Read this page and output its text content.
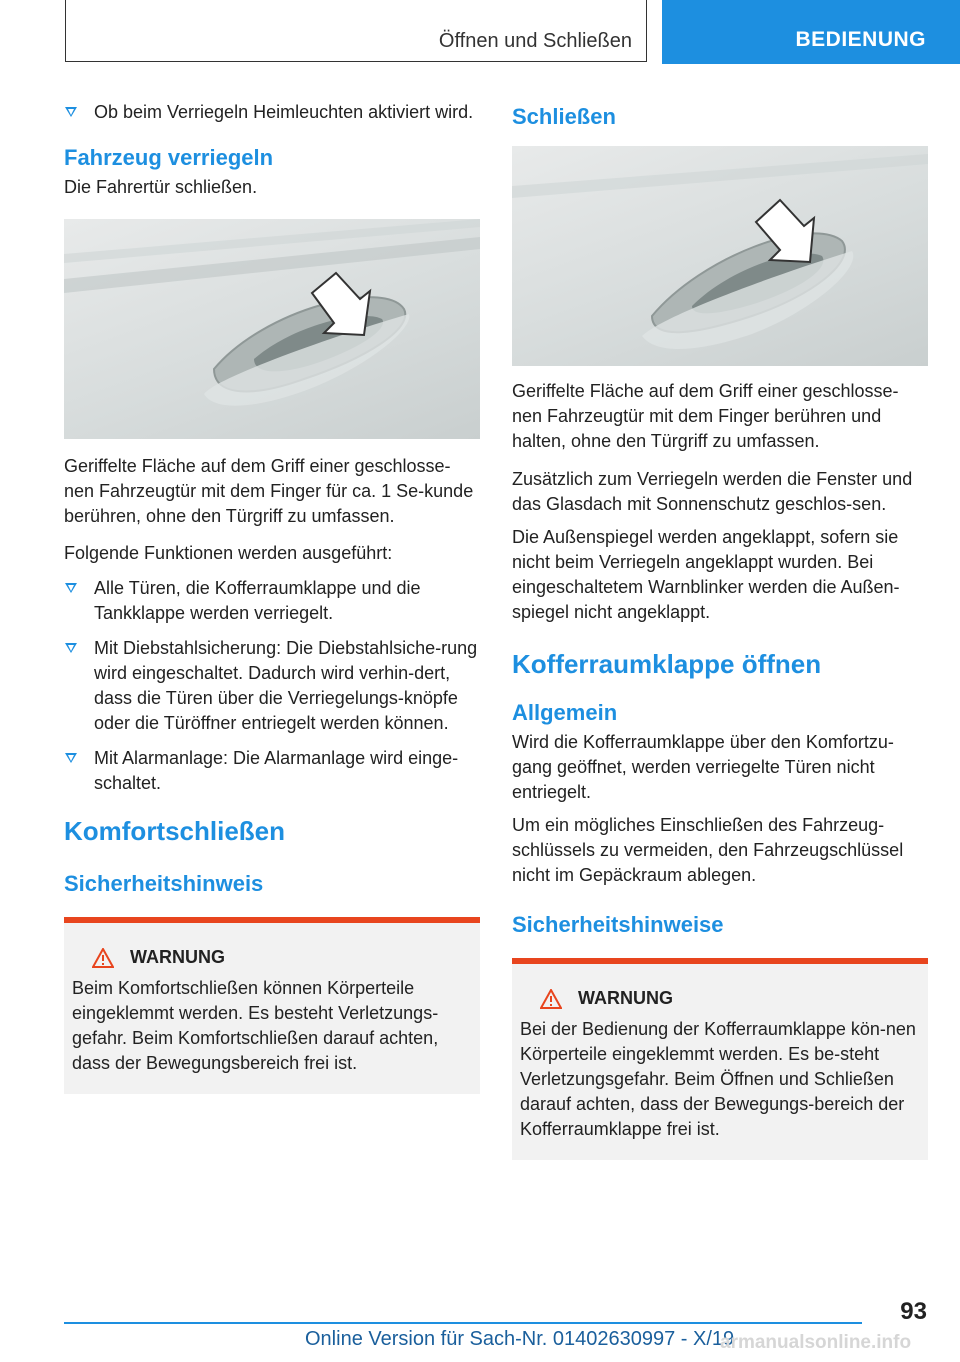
Öffnen und Schließen	BEDIENUNG
Ob beim Verriegeln Heimleuchten aktiviert wird.
Fahrzeug verriegeln

Die Fahrertür schließen.

Geriffelte Fläche auf dem Griff einer geschlosse-nen Fahrzeugtür mit dem Finger für ca. 1 Se-kunde berühren, ohne den Türgriff zu umfassen.

Folgende Funktionen werden ausgeführt:

Alle Türen, die Kofferraumklappe und die Tankklappe werden verriegelt.
Mit Diebstahlsicherung: Die Diebstahlsiche-rung wird eingeschaltet. Dadurch wird verhin-dert, dass die Türen über die Verriegelungs-knöpfe oder die Türöffner entriegelt werden können.
Mit Alarmanlage: Die Alarmanlage wird einge-schaltet.
Komfortschließen
Sicherheitshinweis
WARNUNG

Beim Komfortschließen können Körperteile eingeklemmt werden. Es besteht Verletzungs-gefahr. Beim Komfortschließen darauf achten, dass der Bewegungsbereich frei ist.

Schließen

Geriffelte Fläche auf dem Griff einer geschlosse-nen Fahrzeugtür mit dem Finger berühren und halten, ohne den Türgriff zu umfassen.

Zusätzlich zum Verriegeln werden die Fenster und das Glasdach mit Sonnenschutz geschlos-sen.

Die Außenspiegel werden angeklappt, sofern sie nicht beim Verriegeln angeklappt wurden. Bei eingeschaltetem Warnblinker werden die Außen-spiegel nicht angeklappt.

Kofferraumklappe öffnen
Allgemein

Wird die Kofferraumklappe über den Komfortzu-gang geöffnet, werden verriegelte Türen nicht entriegelt.

Um ein mögliches Einschließen des Fahrzeug-schlüssels zu vermeiden, den Fahrzeugschlüssel nicht im Gepäckraum ablegen.

Sicherheitshinweise
WARNUNG

Bei der Bedienung der Kofferraumklappe kön-nen Körperteile eingeklemmt werden. Es be-steht Verletzungsgefahr. Beim Öffnen und Schließen darauf achten, dass der Bewegungs-bereich der Kofferraumklappe frei ist.

93
Online Version für Sach-Nr. 01402630997 - X/19
armanualsonline.info
